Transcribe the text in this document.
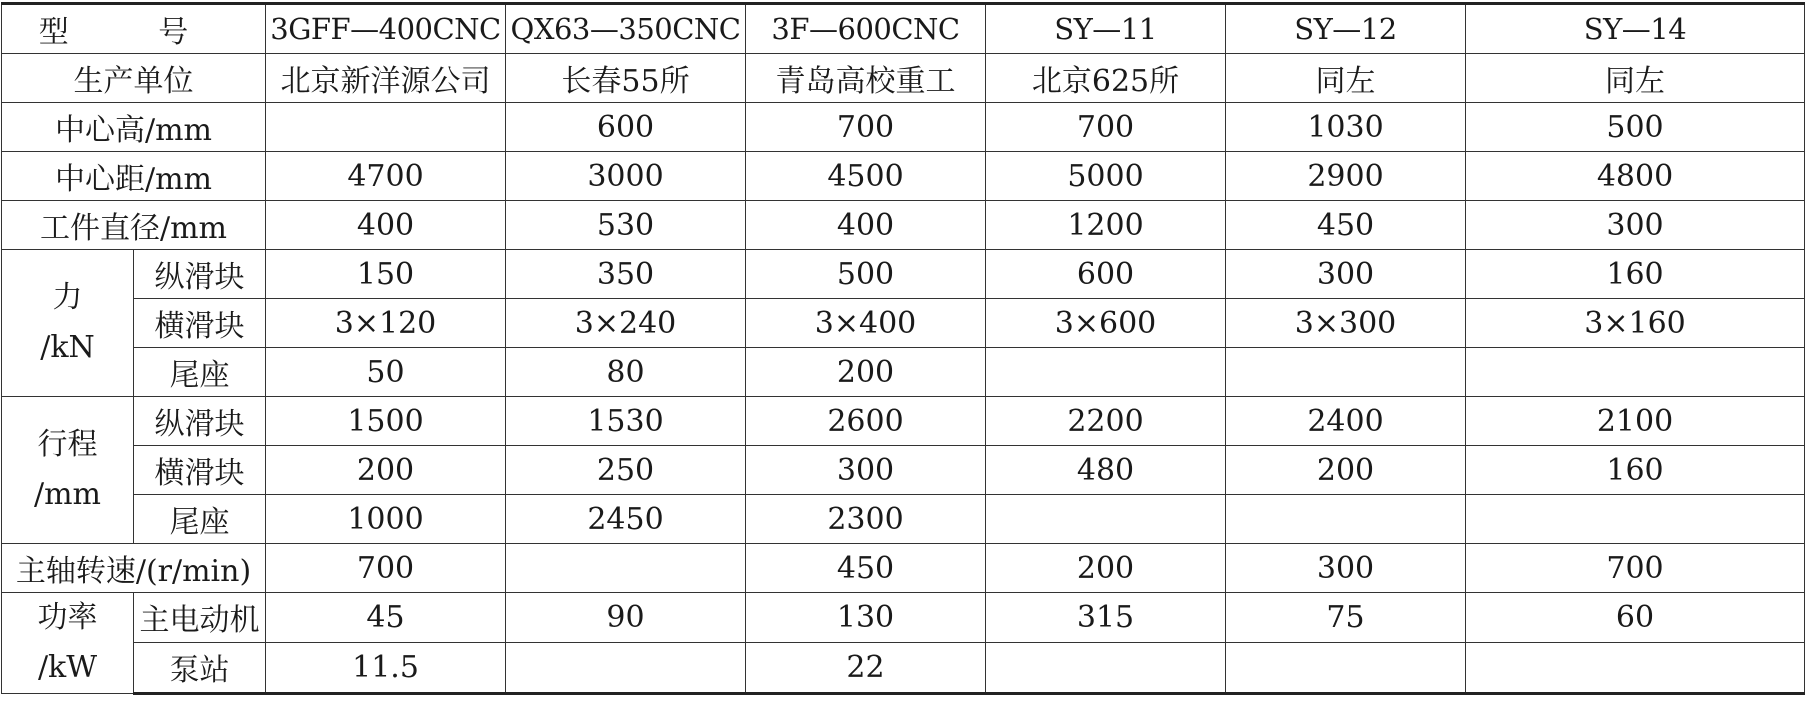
型 号		3GFF—400CNC	QX63—350CNC	3F—600CNC	SY—11	SY—12	SY—14
生产单位		北京新洋源公司	长春55所	青岛高校重工	北京625所	同左	同左
中心高/mm			600	700	700	1030	500
中心距/mm		4700	3000	4500	5000	2900	4800
工件直径/mm		400	530	400	1200	450	300

力
/kN	纵滑块	150	350	500	600	300	160
	横滑块	3×120	3×240	3×400	3×600	3×300	3×160
	尾座	50	80	200			

行程
/mm	纵滑块	1500	1530	2600	2200	2400	2100
	横滑块	200	250	300	480	200	160
	尾座	1000	2450	2300			
主轴转速/(r/min)		700		450	200	300	700

功率
/kW	主电动机	45	90	130	315	75	60
	泵站	11.5		22			
